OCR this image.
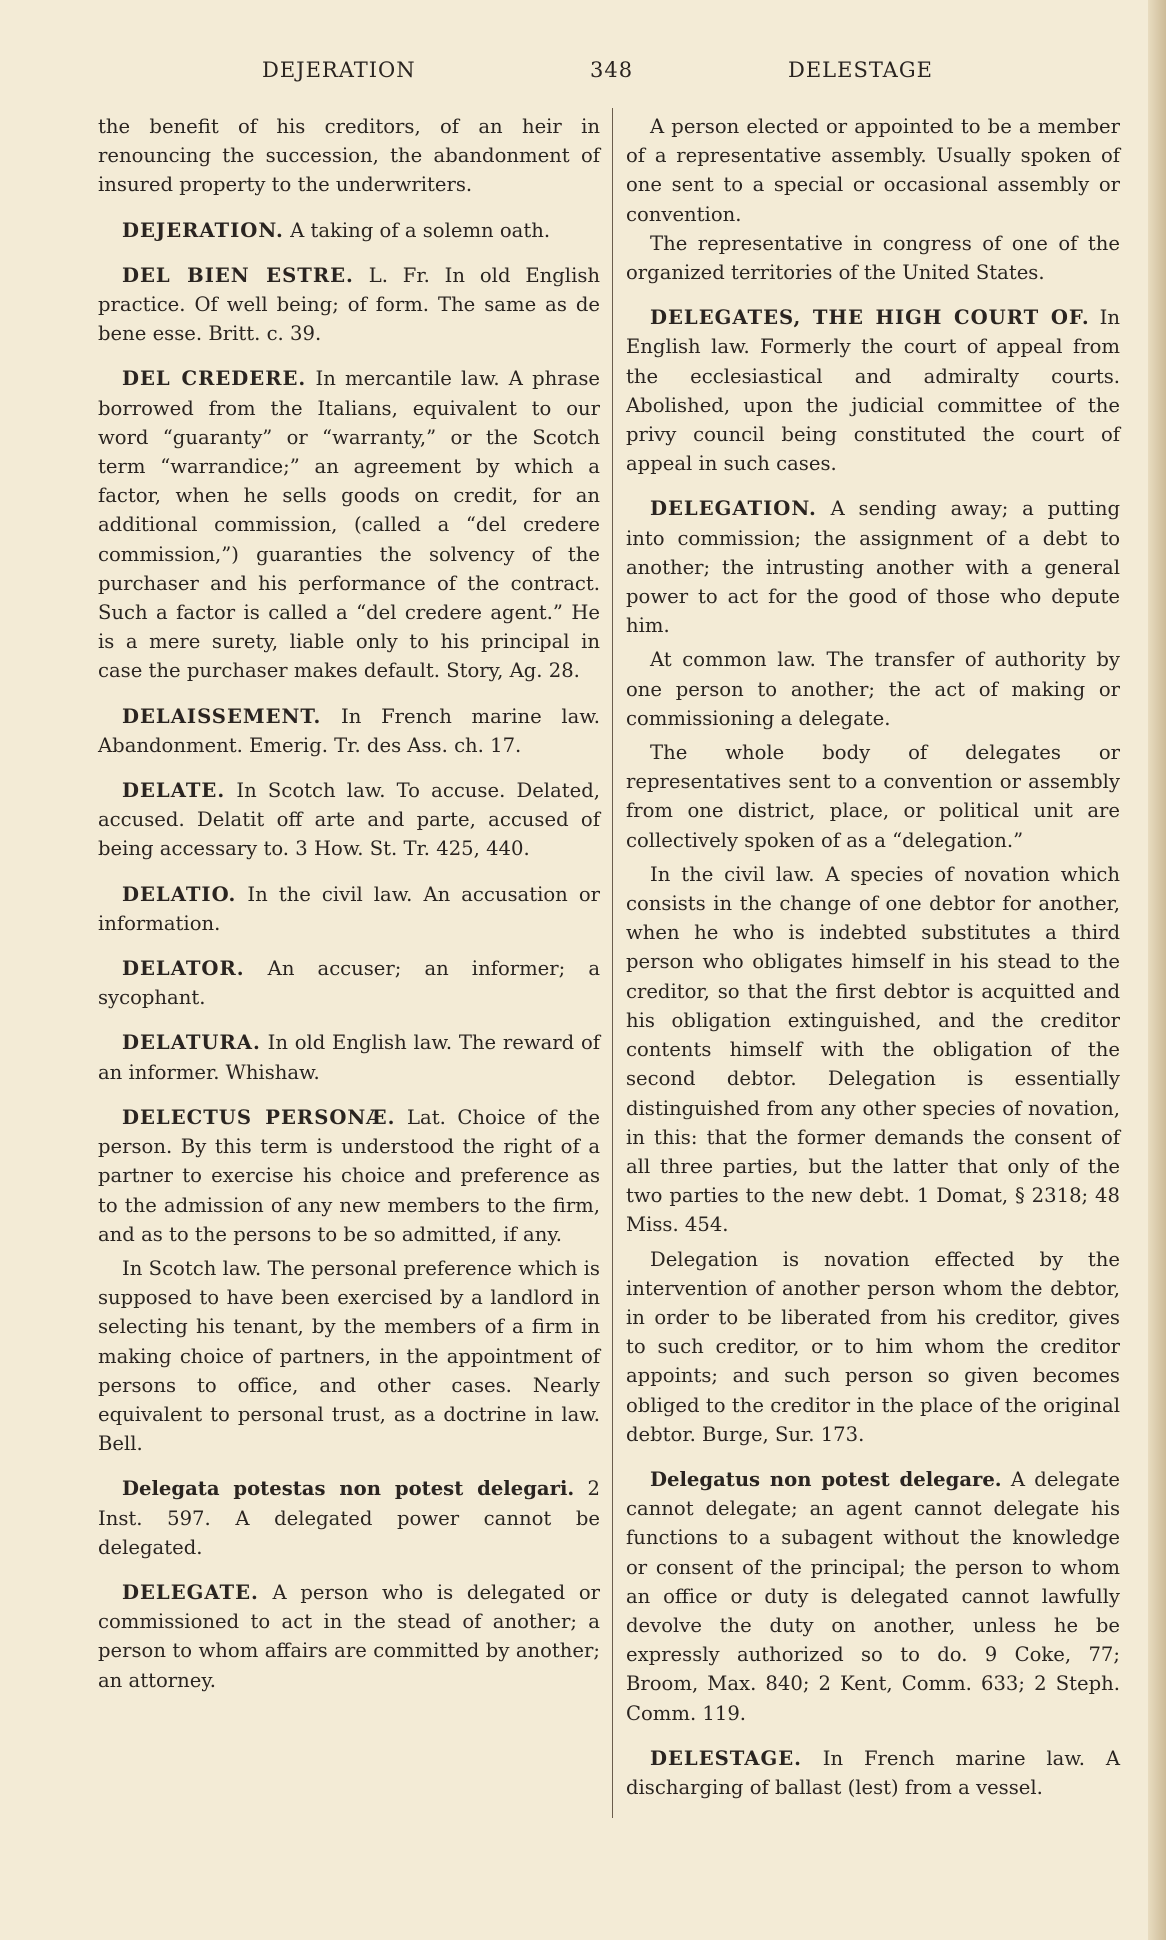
DEJERATION	348	DELESTAGE

the benefit of his creditors, of an heir in renouncing the succession, the abandonment of insured property to the underwriters.

DEJERATION. A taking of a solemn oath.

DEL BIEN ESTRE. L. Fr. In old English practice. Of well being; of form. The same as de bene esse. Britt. c. 39.

DEL CREDERE. In mercantile law. A phrase borrowed from the Italians, equivalent to our word “guaranty” or “warranty,” or the Scotch term “warrandice;” an agreement by which a factor, when he sells goods on credit, for an additional commission, (called a “del credere commission,”) guaranties the solvency of the purchaser and his performance of the contract. Such a factor is called a “del credere agent.” He is a mere surety, liable only to his principal in case the purchaser makes default. Story, Ag. 28.

DELAISSEMENT. In French marine law. Abandonment. Emerig. Tr. des Ass. ch. 17.

DELATE. In Scotch law. To accuse. Delated, accused. Delatit off arte and parte, accused of being accessary to. 3 How. St. Tr. 425, 440.

DELATIO. In the civil law. An accusation or information.

DELATOR. An accuser; an informer; a sycophant.

DELATURA. In old English law. The reward of an informer. Whishaw.

DELECTUS PERSONÆ. Lat. Choice of the person. By this term is understood the right of a partner to exercise his choice and preference as to the admission of any new members to the firm, and as to the persons to be so admitted, if any.

In Scotch law. The personal preference which is supposed to have been exercised by a landlord in selecting his tenant, by the members of a firm in making choice of partners, in the appointment of persons to office, and other cases. Nearly equivalent to personal trust, as a doctrine in law. Bell.

Delegata potestas non potest delegari. 2 Inst. 597. A delegated power cannot be delegated.

DELEGATE. A person who is delegated or commissioned to act in the stead of another; a person to whom affairs are committed by another; an attorney.

A person elected or appointed to be a member of a representative assembly. Usually spoken of one sent to a special or occasional assembly or convention.

The representative in congress of one of the organized territories of the United States.

DELEGATES, THE HIGH COURT OF. In English law. Formerly the court of appeal from the ecclesiastical and admiralty courts. Abolished, upon the judicial committee of the privy council being constituted the court of appeal in such cases.

DELEGATION. A sending away; a putting into commission; the assignment of a debt to another; the intrusting another with a general power to act for the good of those who depute him.

At common law. The transfer of authority by one person to another; the act of making or commissioning a delegate.

The whole body of delegates or representatives sent to a convention or assembly from one district, place, or political unit are collectively spoken of as a “delegation.”

In the civil law. A species of novation which consists in the change of one debtor for another, when he who is indebted substitutes a third person who obligates himself in his stead to the creditor, so that the first debtor is acquitted and his obligation extinguished, and the creditor contents himself with the obligation of the second debtor. Delegation is essentially distinguished from any other species of novation, in this: that the former demands the consent of all three parties, but the latter that only of the two parties to the new debt. 1 Domat, § 2318; 48 Miss. 454.

Delegation is novation effected by the intervention of another person whom the debtor, in order to be liberated from his creditor, gives to such creditor, or to him whom the creditor appoints; and such person so given becomes obliged to the creditor in the place of the original debtor. Burge, Sur. 173.

Delegatus non potest delegare. A delegate cannot delegate; an agent cannot delegate his functions to a subagent without the knowledge or consent of the principal; the person to whom an office or duty is delegated cannot lawfully devolve the duty on another, unless he be expressly authorized so to do. 9 Coke, 77; Broom, Max. 840; 2 Kent, Comm. 633; 2 Steph. Comm. 119.

DELESTAGE. In French marine law. A discharging of ballast (lest) from a vessel.
